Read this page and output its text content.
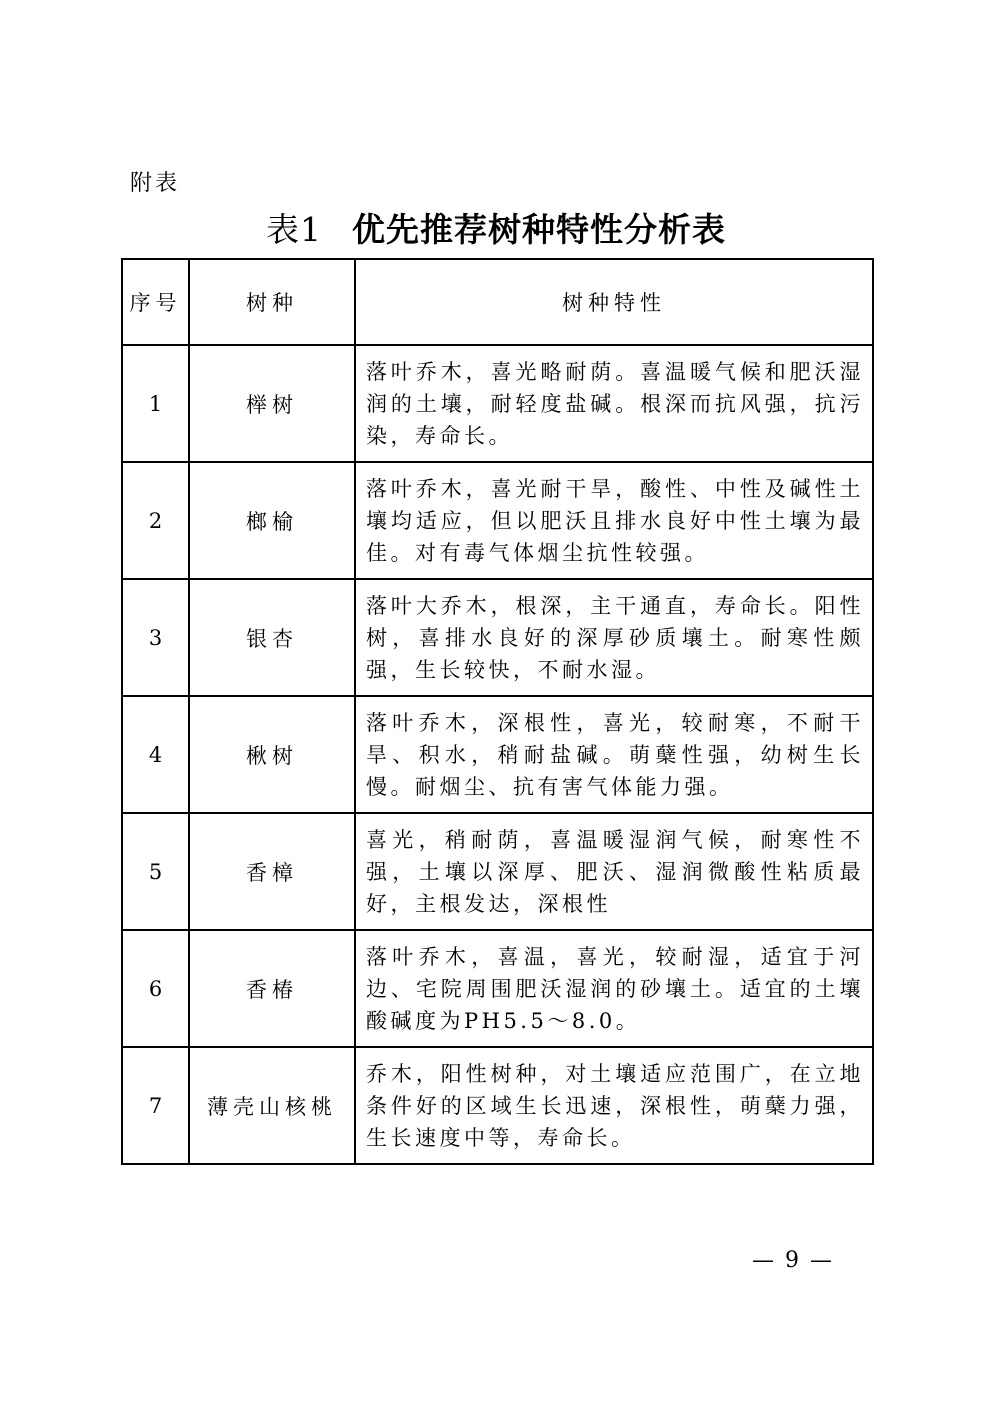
附表
表1 优先推荐树种特性分析表
序号	树种	树种特性
1	榉树	落叶乔木，喜光略耐荫。喜温暖气候和肥沃湿润的土壤，耐轻度盐碱。根深而抗风强，抗污染，寿命长。
2	榔榆	落叶乔木，喜光耐干旱，酸性、中性及碱性土壤均适应，但以肥沃且排水良好中性土壤为最佳。对有毒气体烟尘抗性较强。
3	银杏	落叶大乔木，根深，主干通直，寿命长。阳性树，喜排水良好的深厚砂质壤土。耐寒性颇强，生长较快，不耐水湿。
4	楸树	落叶乔木，深根性，喜光，较耐寒，不耐干旱、积水，稍耐盐碱。萌蘖性强，幼树生长慢。耐烟尘、抗有害气体能力强。
5	香樟	喜光，稍耐荫，喜温暖湿润气候，耐寒性不强，土壤以深厚、肥沃、湿润微酸性粘质最好，主根发达，深根性
6	香椿	落叶乔木，喜温，喜光，较耐湿，适宜于河边、宅院周围肥沃湿润的砂壤土。适宜的土壤酸碱度为PH5.5～8.0。
7	薄壳山核桃	乔木，阳性树种，对土壤适应范围广，在立地条件好的区域生长迅速，深根性，萌蘖力强，生长速度中等，寿命长。
— 9 —
